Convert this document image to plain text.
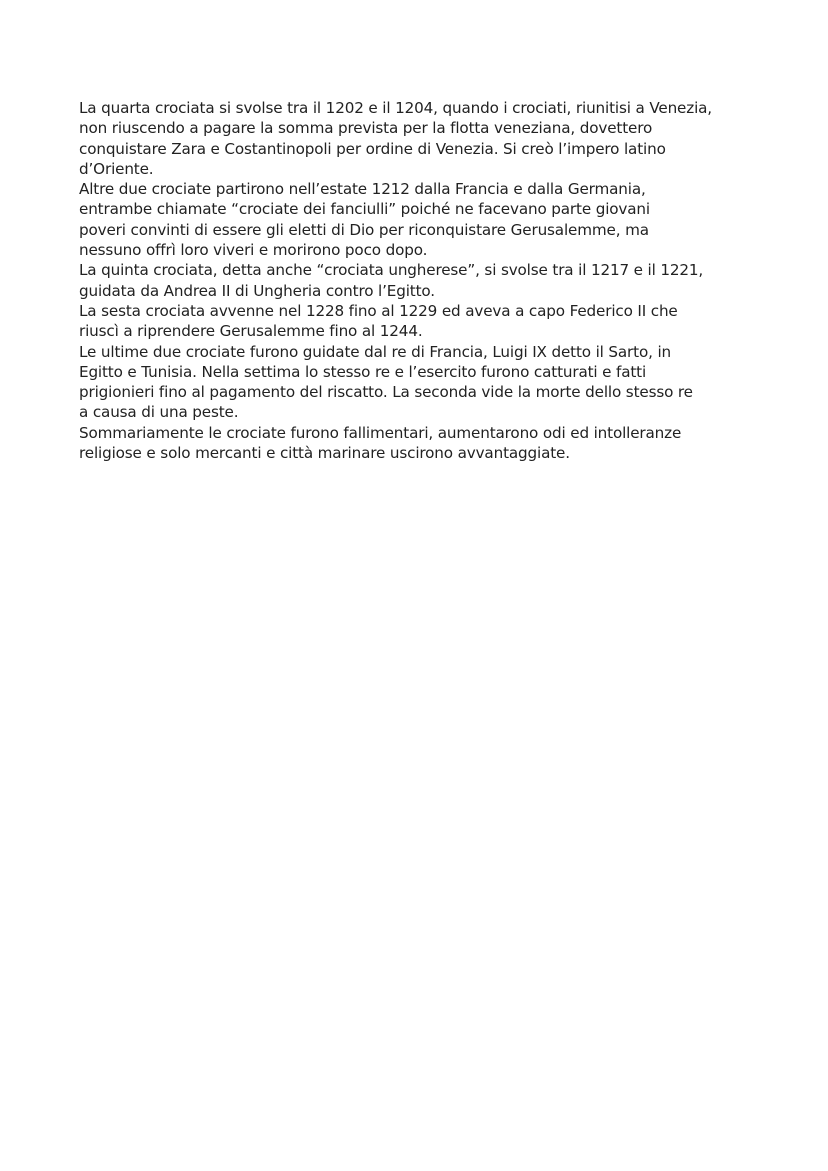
La quarta crociata si svolse tra il 1202 e il 1204, quando i crociati, riunitisi a Venezia,
non riuscendo a pagare la somma prevista per la flotta veneziana, dovettero
conquistare Zara e Costantinopoli per ordine di Venezia. Si creò l’impero latino
d’Oriente.
Altre due crociate partirono nell’estate 1212 dalla Francia e dalla Germania,
entrambe chiamate “crociate dei fanciulli” poiché ne facevano parte giovani
poveri convinti di essere gli eletti di Dio per riconquistare Gerusalemme, ma
nessuno offrì loro viveri e morirono poco dopo.
La quinta crociata, detta anche “crociata ungherese”, si svolse tra il 1217 e il 1221,
guidata da Andrea II di Ungheria contro l’Egitto.
La sesta crociata avvenne nel 1228 fino al 1229 ed aveva a capo Federico II che
riuscì a riprendere Gerusalemme fino al 1244.
Le ultime due crociate furono guidate dal re di Francia, Luigi IX detto il Sarto, in
Egitto e Tunisia. Nella settima lo stesso re e l’esercito furono catturati e fatti
prigionieri fino al pagamento del riscatto. La seconda vide la morte dello stesso re
a causa di una peste.
Sommariamente le crociate furono fallimentari, aumentarono odi ed intolleranze
religiose e solo mercanti e città marinare uscirono avvantaggiate.
